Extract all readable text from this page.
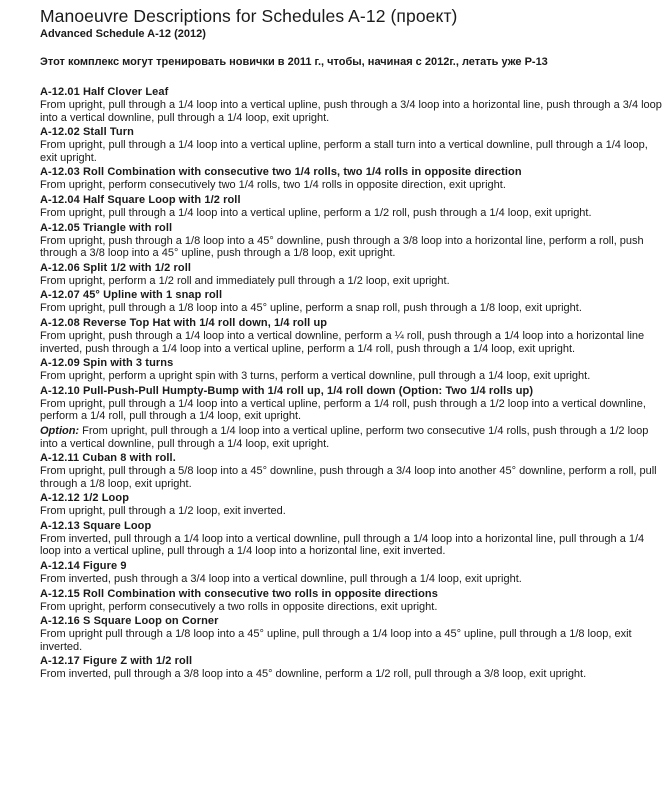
Manoeuvre Descriptions for Schedules A-12 (проект)
Advanced Schedule A-12 (2012)
Этот комплекс могут тренировать новички в 2011 г., чтобы, начиная с 2012г., летать уже Р-13
A-12.01 Half Clover Leaf
From upright, pull through a 1/4 loop into a vertical upline, push through a 3/4 loop into a horizontal line, push through a 3/4 loop into a vertical downline, pull through a 1/4 loop, exit upright.
A-12.02 Stall Turn
From upright, pull through a 1/4 loop into a vertical upline, perform a stall turn into a vertical downline, pull through a 1/4 loop, exit upright.
A-12.03 Roll Combination with consecutive two 1/4 rolls, two 1/4 rolls in opposite direction
From upright, perform consecutively two 1/4 rolls, two 1/4 rolls in opposite direction, exit upright.
A-12.04 Half Square Loop with 1/2 roll
From upright, pull through a 1/4 loop into a vertical upline, perform a 1/2 roll, push through a 1/4 loop, exit upright.
A-12.05 Triangle with roll
From upright, push through a 1/8 loop into a 45° downline, push through a 3/8 loop into a horizontal line, perform a roll, push through a 3/8 loop into a 45° upline, push through a 1/8 loop, exit upright.
A-12.06 Split 1/2 with 1/2 roll
From upright, perform a 1/2 roll and immediately pull through a 1/2 loop, exit upright.
A-12.07 45° Upline with 1 snap roll
From upright, pull through a 1/8 loop into a 45° upline, perform a snap roll, push through a 1/8 loop, exit upright.
A-12.08 Reverse Top Hat with 1/4 roll down, 1/4 roll up
From upright, push through a 1/4 loop into a vertical downline, perform a ¼ roll, push through a 1/4 loop into a horizontal line inverted, push through a 1/4 loop into a vertical upline, perform a 1/4 roll, push through a 1/4 loop, exit upright.
A-12.09 Spin with 3 turns
From upright, perform a upright spin with 3 turns, perform a vertical downline, pull through a 1/4 loop, exit upright.
A-12.10 Pull-Push-Pull Humpty-Bump with 1/4 roll up, 1/4 roll down (Option: Two 1/4 rolls up)
From upright, pull through a 1/4 loop into a vertical upline, perform a 1/4 roll, push through a 1/2 loop into a vertical downline, perform a 1/4 roll, pull through a 1/4 loop, exit upright.
Option: From upright, pull through a 1/4 loop into a vertical upline, perform two consecutive 1/4 rolls, push through a 1/2 loop into a vertical downline, pull through a 1/4 loop, exit upright.
A-12.11 Cuban 8 with roll.
From upright, pull through a 5/8 loop into a 45° downline, push through a 3/4 loop into another 45° downline, perform a roll, pull through a 1/8 loop, exit upright.
A-12.12 1/2 Loop
From upright, pull through a 1/2 loop, exit inverted.
A-12.13 Square Loop
From inverted, pull through a 1/4 loop into a vertical downline, pull through a 1/4 loop into a horizontal line, pull through a 1/4 loop into a vertical upline, pull through a 1/4 loop into a horizontal line, exit inverted.
A-12.14 Figure 9
From inverted, push through a 3/4 loop into a vertical downline, pull through a 1/4 loop, exit upright.
A-12.15 Roll Combination with consecutive two rolls in opposite directions
From upright, perform consecutively a two rolls in opposite directions, exit upright.
A-12.16 S Square Loop on Corner
From upright pull through a 1/8 loop into a 45° upline, pull through a 1/4 loop into a 45° upline, pull through a 1/8 loop, exit inverted.
A-12.17 Figure Z with 1/2 roll
From inverted, pull through a 3/8 loop into a 45° downline, perform a 1/2 roll, pull through a 3/8 loop, exit upright.
